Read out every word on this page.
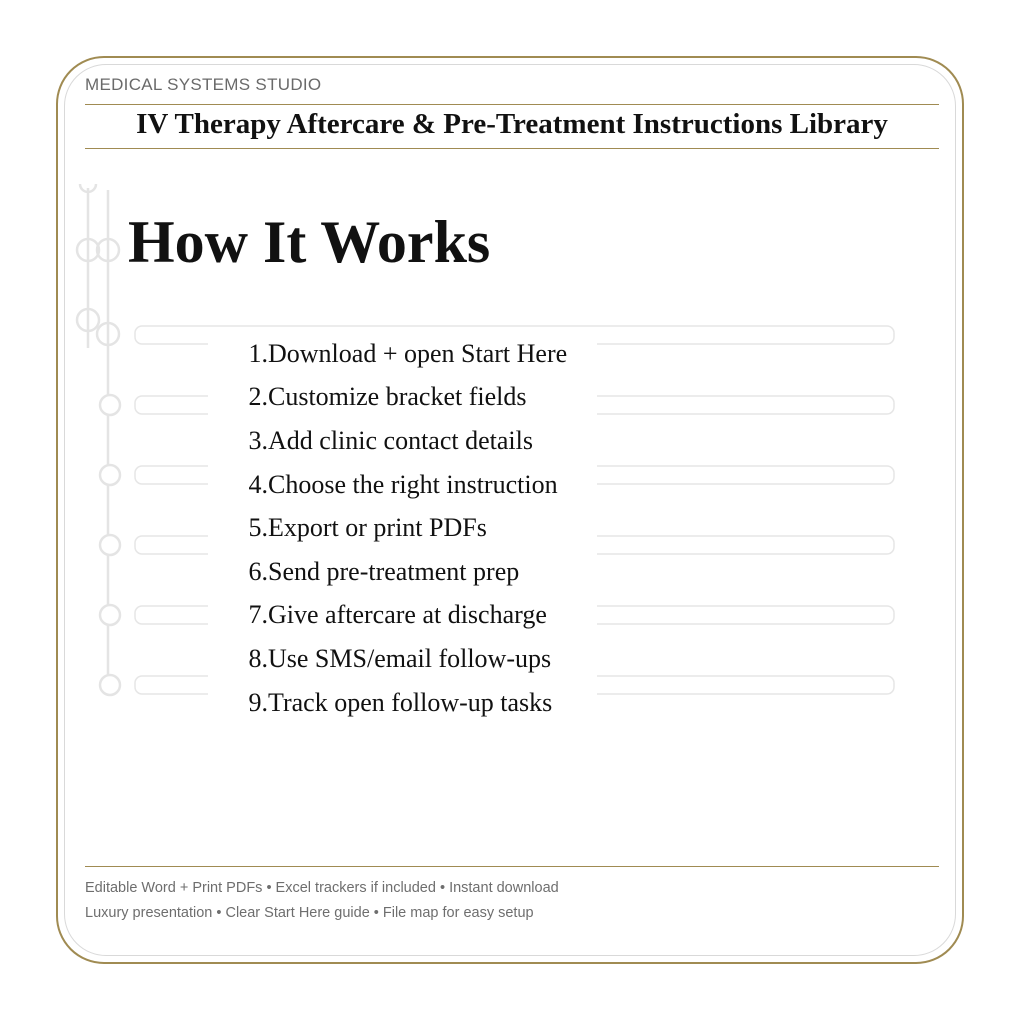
MEDICAL SYSTEMS STUDIO
IV Therapy Aftercare & Pre-Treatment Instructions Library
How It Works
1. Download + open Start Here
2. Customize bracket fields
3. Add clinic contact details
4. Choose the right instruction
5. Export or print PDFs
6. Send pre-treatment prep
7. Give aftercare at discharge
8. Use SMS/email follow-ups
9. Track open follow-up tasks
Editable Word + Print PDFs • Excel trackers if included • Instant download
Luxury presentation • Clear Start Here guide • File map for easy setup
